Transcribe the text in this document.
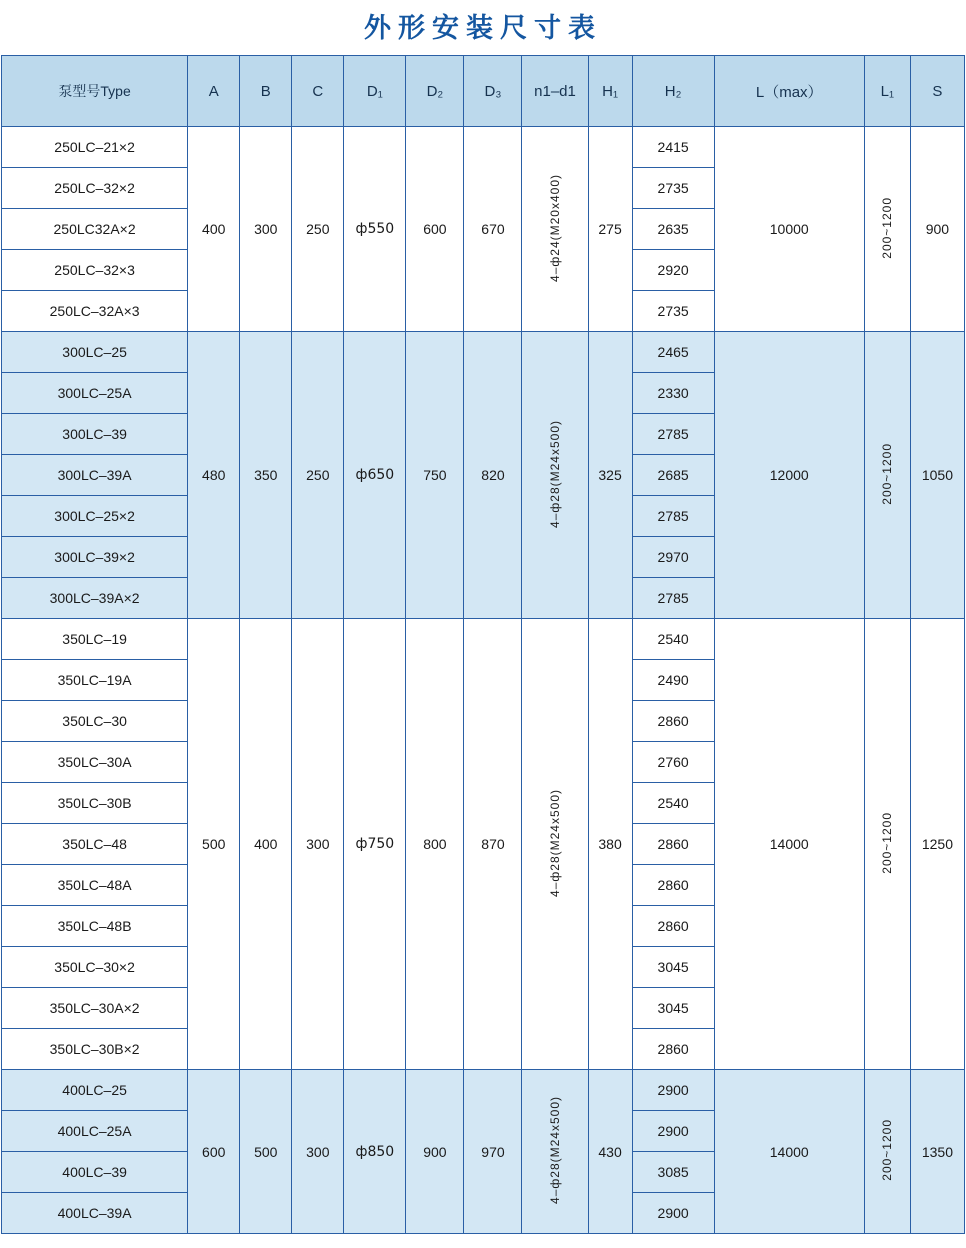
外形安装尺寸表
泵型号Type	A	B	C	D₁	D₂	D₃	n1–d1	H₁	H₂	L（max）	L₁	S
250LC–21×2	400	300	250	ф550	600	670	4–ф24(M20x400)	275	2415	10000	200~1200	900
250LC–32×2									2735			
250LC32A×2									2635			
250LC–32×3									2920			
250LC–32A×3									2735			
300LC–25	480	350	250	ф650	750	820	4–ф28(M24x500)	325	2465	12000	200~1200	1050
300LC–25A									2330			
300LC–39									2785			
300LC–39A									2685			
300LC–25×2									2785			
300LC–39×2									2970			
300LC–39A×2									2785			
350LC–19	500	400	300	ф750	800	870	4–ф28(M24x500)	380	2540	14000	200~1200	1250
350LC–19A									2490			
350LC–30									2860			
350LC–30A									2760			
350LC–30B									2540			
350LC–48									2860			
350LC–48A									2860			
350LC–48B									2860			
350LC–30×2									3045			
350LC–30A×2									3045			
350LC–30B×2									2860			
400LC–25	600	500	300	ф850	900	970	4–ф28(M24x500)	430	2900	14000	200~1200	1350
400LC–25A									2900			
400LC–39									3085			
400LC–39A									2900			
